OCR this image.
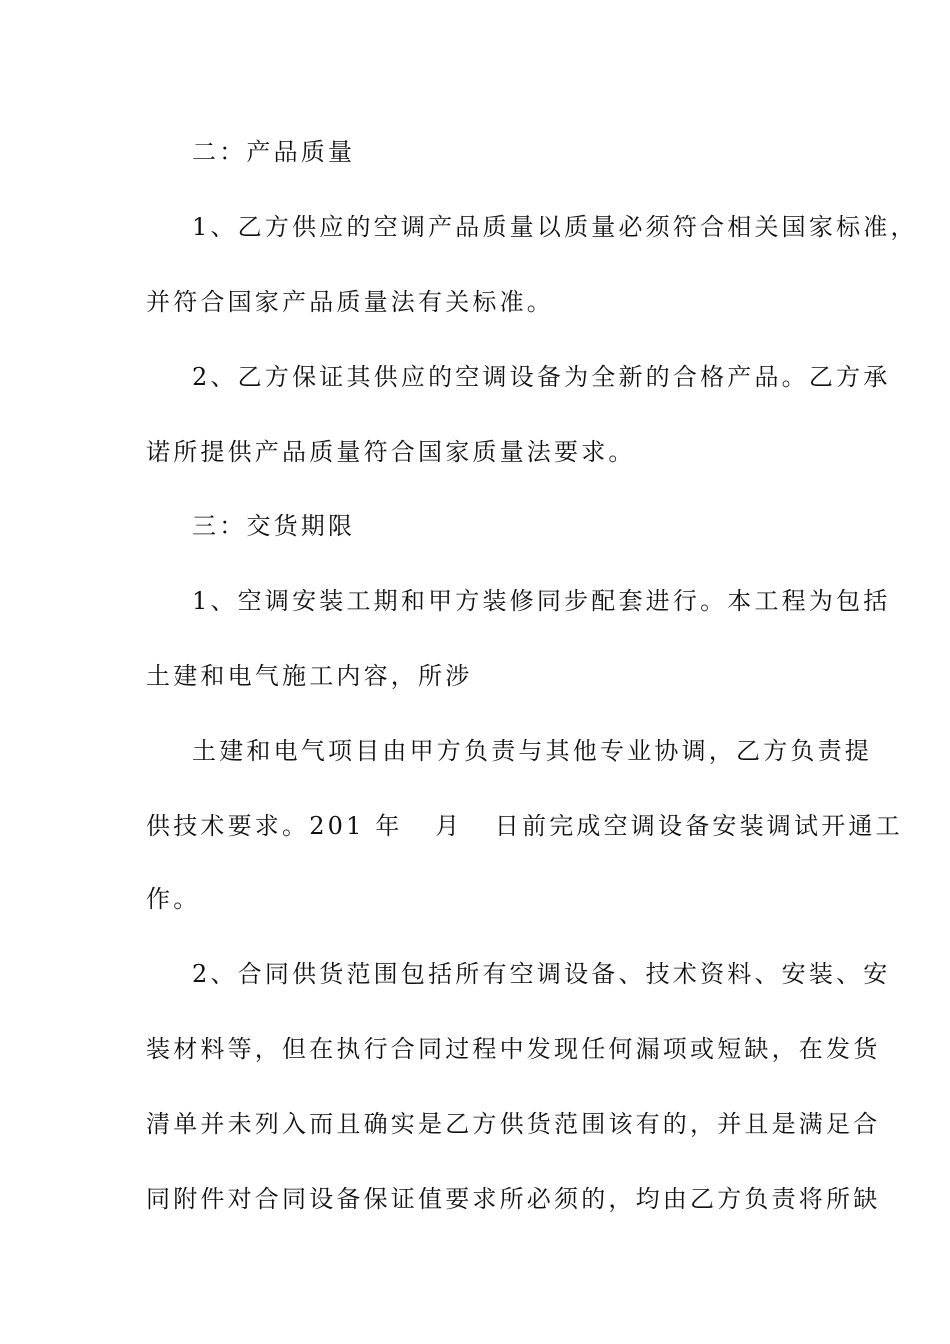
二：产品质量
1、乙方供应的空调产品质量以质量必须符合相关国家标准，
并符合国家产品质量法有关标准。
2、乙方保证其供应的空调设备为全新的合格产品。乙方承
诺所提供产品质量符合国家质量法要求。
三：交货期限
1、空调安装工期和甲方装修同步配套进行。本工程为包括
土建和电气施工内容，所涉
土建和电气项目由甲方负责与其他专业协调，乙方负责提
供技术要求。201 年   月   日前完成空调设备安装调试开通工
作。
2、合同供货范围包括所有空调设备、技术资料、安装、安
装材料等，但在执行合同过程中发现任何漏项或短缺，在发货
清单并未列入而且确实是乙方供货范围该有的，并且是满足合
同附件对合同设备保证值要求所必须的，均由乙方负责将所缺
